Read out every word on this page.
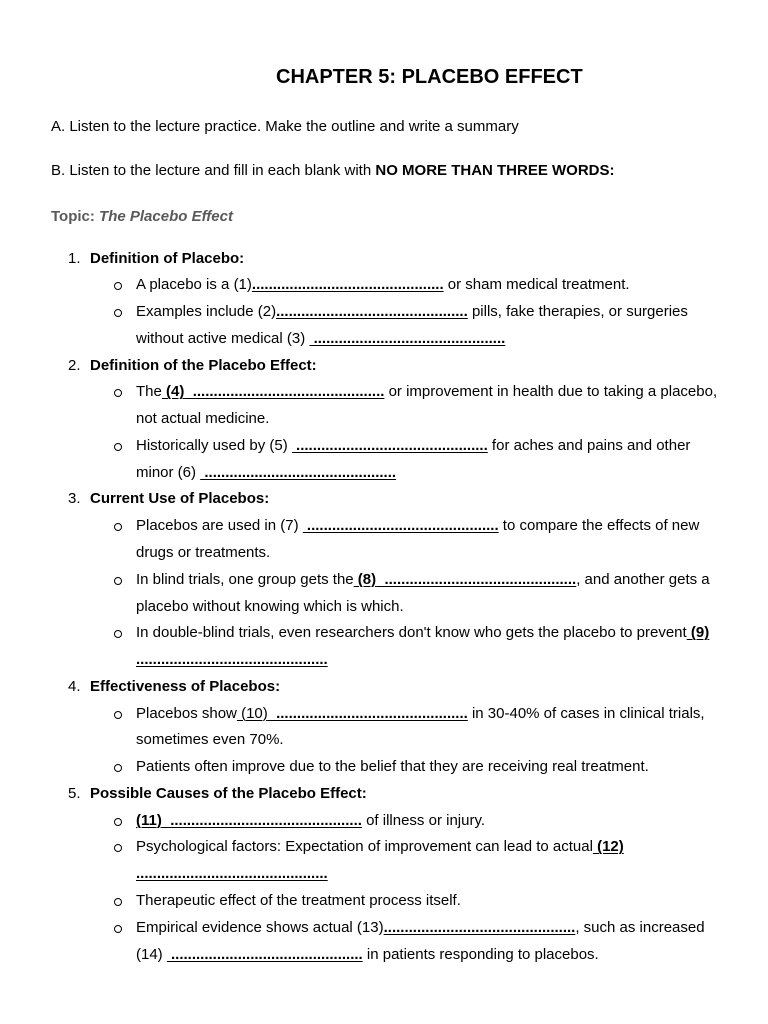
CHAPTER 5: PLACEBO EFFECT

A. Listen to the lecture practice. Make the outline and write a summary

B. Listen to the lecture and fill in each blank with NO MORE THAN THREE WORDS:

Topic: The Placebo Effect

1. Definition of Placebo:
A placebo is a (1).............................................. or sham medical treatment.
Examples include (2).............................................. pills, fake therapies, or surgeries
without active medical (3)  ..............................................
2. Definition of the Placebo Effect:
The (4)  .............................................. or improvement in health due to taking a placebo,
not actual medicine.
Historically used by (5)  .............................................. for aches and pains and other
minor (6)  ..............................................
3. Current Use of Placebos:
Placebos are used in (7)  .............................................. to compare the effects of new
drugs or treatments.
In blind trials, one group gets the (8)  .............................................., and another gets a
placebo without knowing which is which.
In double-blind trials, even researchers don't know who gets the placebo to prevent (9)
..............................................
4. Effectiveness of Placebos:
Placebos show (10)  .............................................. in 30-40% of cases in clinical trials,
sometimes even 70%.
Patients often improve due to the belief that they are receiving real treatment.
5. Possible Causes of the Placebo Effect:
(11)  .............................................. of illness or injury.
Psychological factors: Expectation of improvement can lead to actual (12)
..............................................
Therapeutic effect of the treatment process itself.
Empirical evidence shows actual (13).............................................., such as increased
(14)  .............................................. in patients responding to placebos.
